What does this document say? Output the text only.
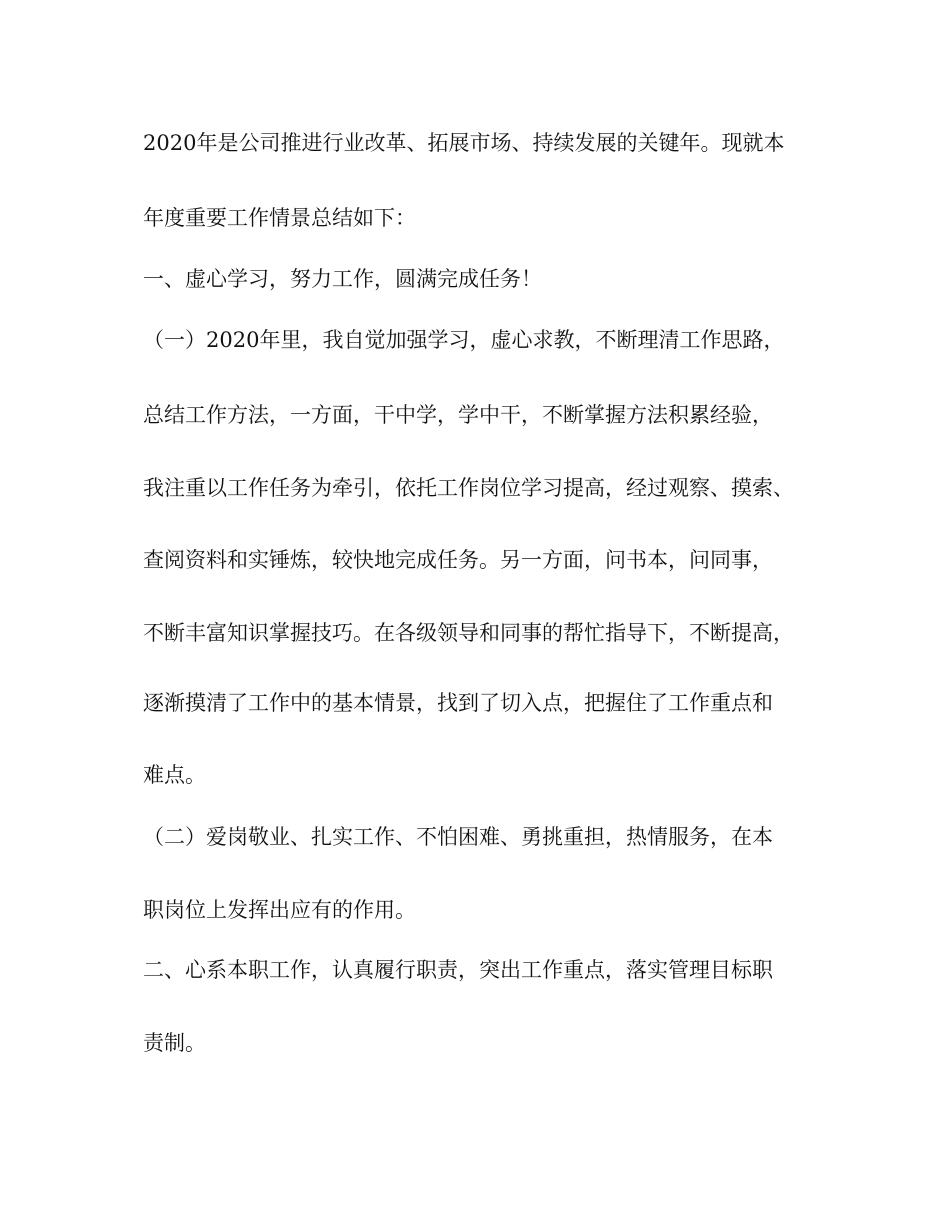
2020年是公司推进行业改革、拓展市场、持续发展的关键年。现就本
年度重要工作情景总结如下：
一、虚心学习，努力工作，圆满完成任务！
（一）2020年里，我自觉加强学习，虚心求教，不断理清工作思路，
总结工作方法，一方面，干中学，学中干，不断掌握方法积累经验，
我注重以工作任务为牵引，依托工作岗位学习提高，经过观察、摸索、
查阅资料和实锤炼，较快地完成任务。另一方面，问书本，问同事，
不断丰富知识掌握技巧。在各级领导和同事的帮忙指导下，不断提高，
逐渐摸清了工作中的基本情景，找到了切入点，把握住了工作重点和
难点。
（二）爱岗敬业、扎实工作、不怕困难、勇挑重担，热情服务，在本
职岗位上发挥出应有的作用。
二、心系本职工作，认真履行职责，突出工作重点，落实管理目标职
责制。
